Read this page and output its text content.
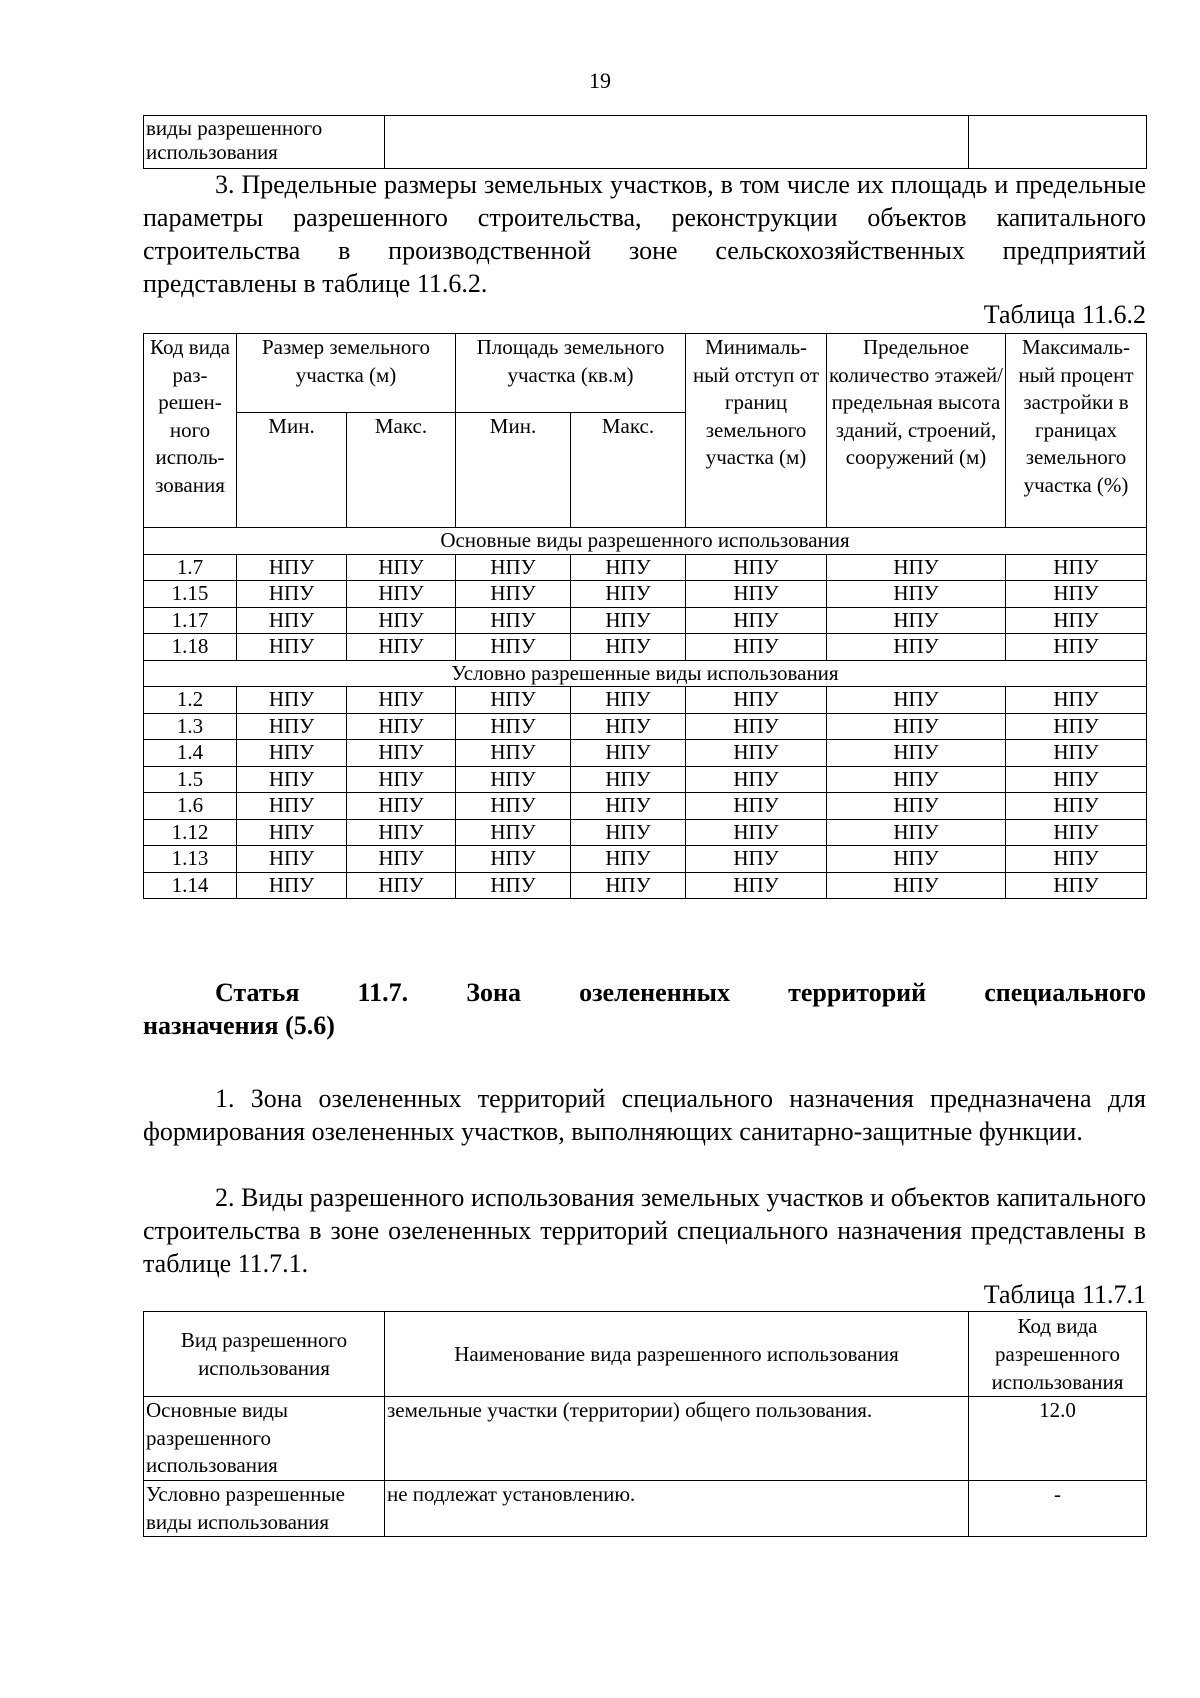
19
виды разрешенного использования		

3. Предельные размеры земельных участков, в том числе их площадь и предельные параметры разрешенного строительства, реконструкции объектов капитального строительства в производственной зоне сельскохозяйственных предприятий представлены в таблице 11.6.2.

Таблица 11.6.2
Код вида раз-решен-ного исполь-зования	Размер земельного участка (м)		Площадь земельного участка (кв.м)		Минималь-ный отступ от границ земельного участка (м)	Предельное количество этажей/ предельная высота зданий, строений, сооружений (м)	Максималь-ный процент застройки в границах земельного участка (%)
	Мин.	Макс.	Мин.	Макс.			
Основные виды разрешенного использования							
1.7	НПУ	НПУ	НПУ	НПУ	НПУ	НПУ	НПУ
1.15	НПУ	НПУ	НПУ	НПУ	НПУ	НПУ	НПУ
1.17	НПУ	НПУ	НПУ	НПУ	НПУ	НПУ	НПУ
1.18	НПУ	НПУ	НПУ	НПУ	НПУ	НПУ	НПУ
Условно разрешенные виды использования							
1.2	НПУ	НПУ	НПУ	НПУ	НПУ	НПУ	НПУ
1.3	НПУ	НПУ	НПУ	НПУ	НПУ	НПУ	НПУ
1.4	НПУ	НПУ	НПУ	НПУ	НПУ	НПУ	НПУ
1.5	НПУ	НПУ	НПУ	НПУ	НПУ	НПУ	НПУ
1.6	НПУ	НПУ	НПУ	НПУ	НПУ	НПУ	НПУ
1.12	НПУ	НПУ	НПУ	НПУ	НПУ	НПУ	НПУ
1.13	НПУ	НПУ	НПУ	НПУ	НПУ	НПУ	НПУ
1.14	НПУ	НПУ	НПУ	НПУ	НПУ	НПУ	НПУ
Статья 11.7. Зона озелененных территорий специального
назначения (5.6)

1. Зона озелененных территорий специального назначения предназначена для формирования озелененных участков, выполняющих санитарно-защитные функции.

2. Виды разрешенного использования земельных участков и объектов капитального строительства в зоне озелененных территорий специального назначения представлены в таблице 11.7.1.

Таблица 11.7.1
Вид разрешенного использования	Наименование вида разрешенного использования	Код вида разрешенного использования
Основные виды разрешенного использования	земельные участки (территории) общего пользования.	12.0
Условно разрешенные виды использования	не подлежат установлению.	-
